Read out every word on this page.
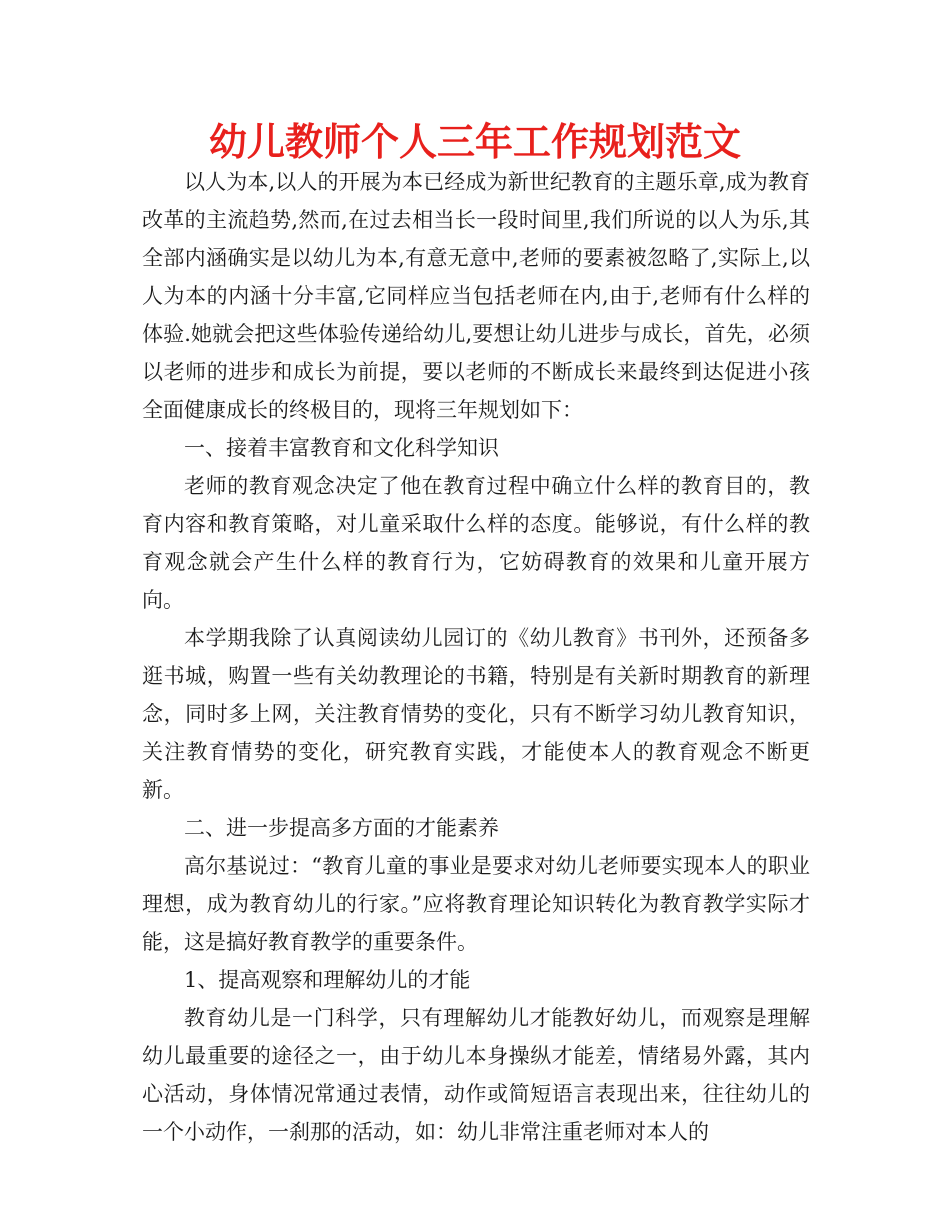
幼儿教师个人三年工作规划范文

以人为本,以人的开展为本已经成为新世纪教育的主题乐章,成为教育改革的主流趋势,然而,在过去相当长一段时间里,我们所说的以人为乐,其全部内涵确实是以幼儿为本,有意无意中,老师的要素被忽略了,实际上,以人为本的内涵十分丰富,它同样应当包括老师在内,由于,老师有什么样的体验.她就会把这些体验传递给幼儿,要想让幼儿进步与成长，首先，必须以老师的进步和成长为前提，要以老师的不断成长来最终到达促进小孩全面健康成长的终极目的，现将三年规划如下：

一、接着丰富教育和文化科学知识

老师的教育观念决定了他在教育过程中确立什么样的教育目的，教育内容和教育策略，对儿童采取什么样的态度。能够说，有什么样的教育观念就会产生什么样的教育行为，它妨碍教育的效果和儿童开展方向。

本学期我除了认真阅读幼儿园订的《幼儿教育》书刊外，还预备多逛书城，购置一些有关幼教理论的书籍，特别是有关新时期教育的新理念，同时多上网，关注教育情势的变化，只有不断学习幼儿教育知识，关注教育情势的变化，研究教育实践，才能使本人的教育观念不断更新。

二、进一步提高多方面的才能素养

高尔基说过：“教育儿童的事业是要求对幼儿老师要实现本人的职业理想，成为教育幼儿的行家。”应将教育理论知识转化为教育教学实际才能，这是搞好教育教学的重要条件。

1、提高观察和理解幼儿的才能

教育幼儿是一门科学，只有理解幼儿才能教好幼儿，而观察是理解幼儿最重要的途径之一，由于幼儿本身操纵才能差，情绪易外露，其内心活动，身体情况常通过表情，动作或简短语言表现出来，往往幼儿的一个小动作，一刹那的活动，如：幼儿非常注重老师对本人的
